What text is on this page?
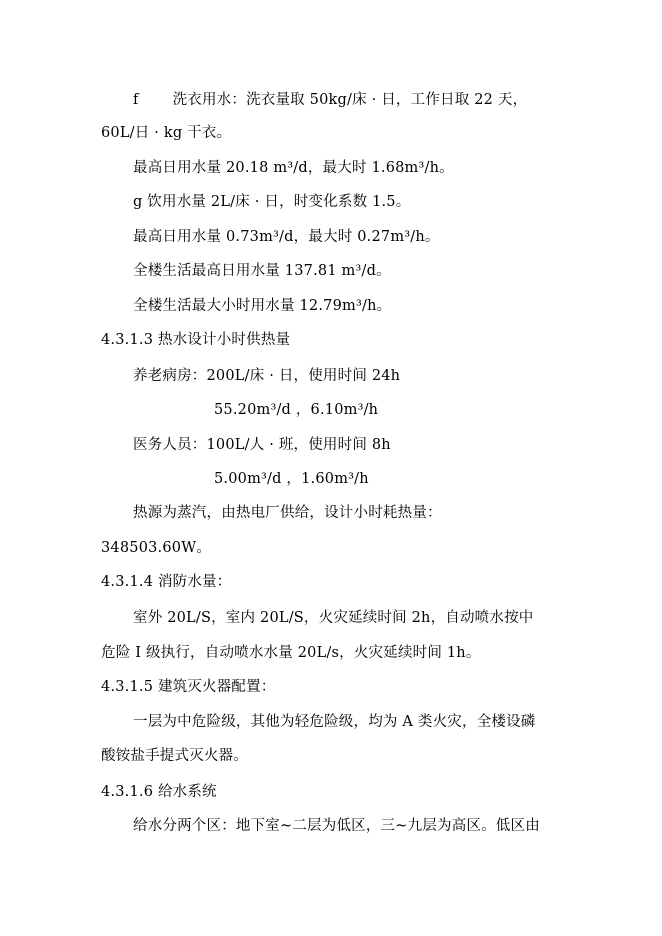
f 洗衣用水：洗衣量取 50kg/床 · 日，工作日取 22 天，
60L/日 · kg 干衣。
最高日用水量 20.18 m³/d，最大时 1.68m³/h。
g 饮用水量 2L/床 · 日，时变化系数 1.5。
最高日用水量 0.73m³/d，最大时 0.27m³/h。
全楼生活最高日用水量 137.81 m³/d。
全楼生活最大小时用水量 12.79m³/h。
4.3.1.3 热水设计小时供热量
养老病房：200L/床 · 日，使用时间 24h
55.20m³/d ，6.10m³/h
医务人员：100L/人 · 班，使用时间 8h
5.00m³/d ，1.60m³/h
热源为蒸汽，由热电厂供给，设计小时耗热量：
348503.60W。
4.3.1.4 消防水量：
室外 20L/S，室内 20L/S，火灾延续时间 2h，自动喷水按中
危险 I 级执行，自动喷水水量 20L/s，火灾延续时间 1h。
4.3.1.5 建筑灭火器配置：
一层为中危险级，其他为轻危险级，均为 A 类火灾，全楼设磷
酸铵盐手提式灭火器。
4.3.1.6 给水系统
给水分两个区：地下室~二层为低区，三~九层为高区。低区由
